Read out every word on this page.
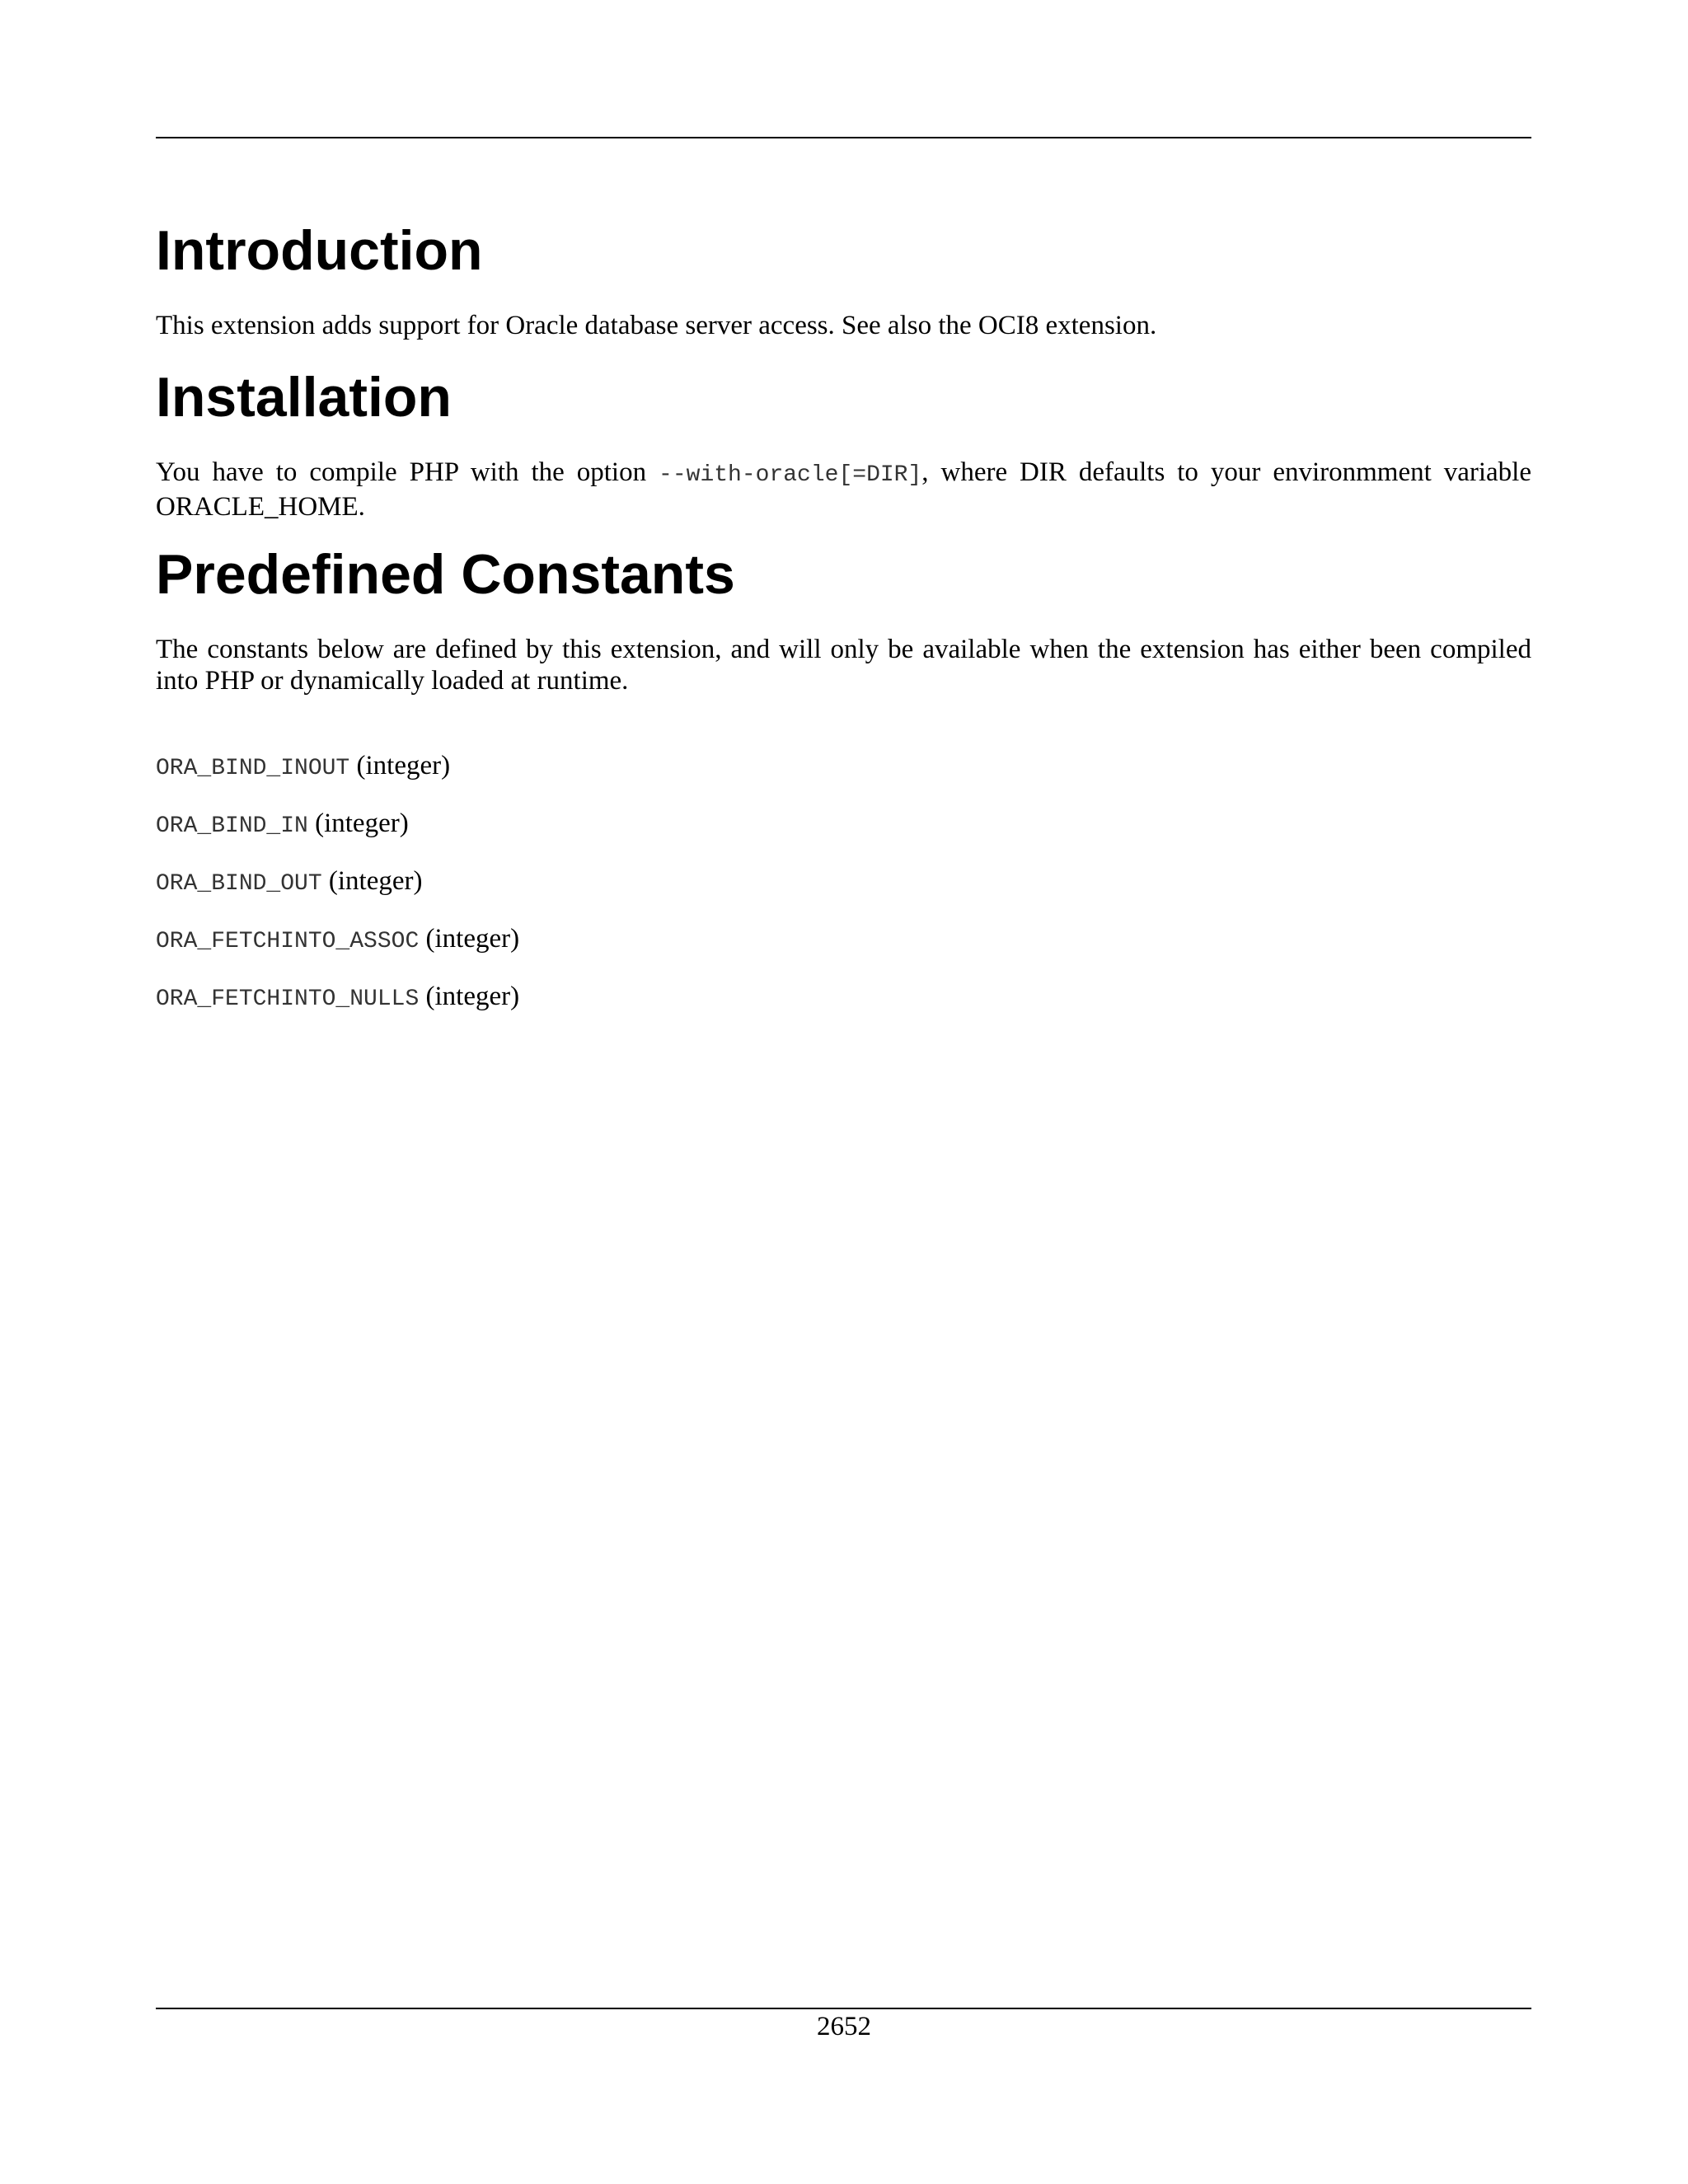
Introduction

This extension adds support for Oracle database server access. See also the OCI8 extension.

Installation

You have to compile PHP with the option --with-oracle[=DIR], where DIR defaults to your environmment variable ORACLE_HOME.

Predefined Constants

The constants below are defined by this extension, and will only be available when the extension has either been compiled into PHP or dynamically loaded at runtime.

ORA_BIND_INOUT (integer)
ORA_BIND_IN (integer)
ORA_BIND_OUT (integer)
ORA_FETCHINTO_ASSOC (integer)
ORA_FETCHINTO_NULLS (integer)
2652
